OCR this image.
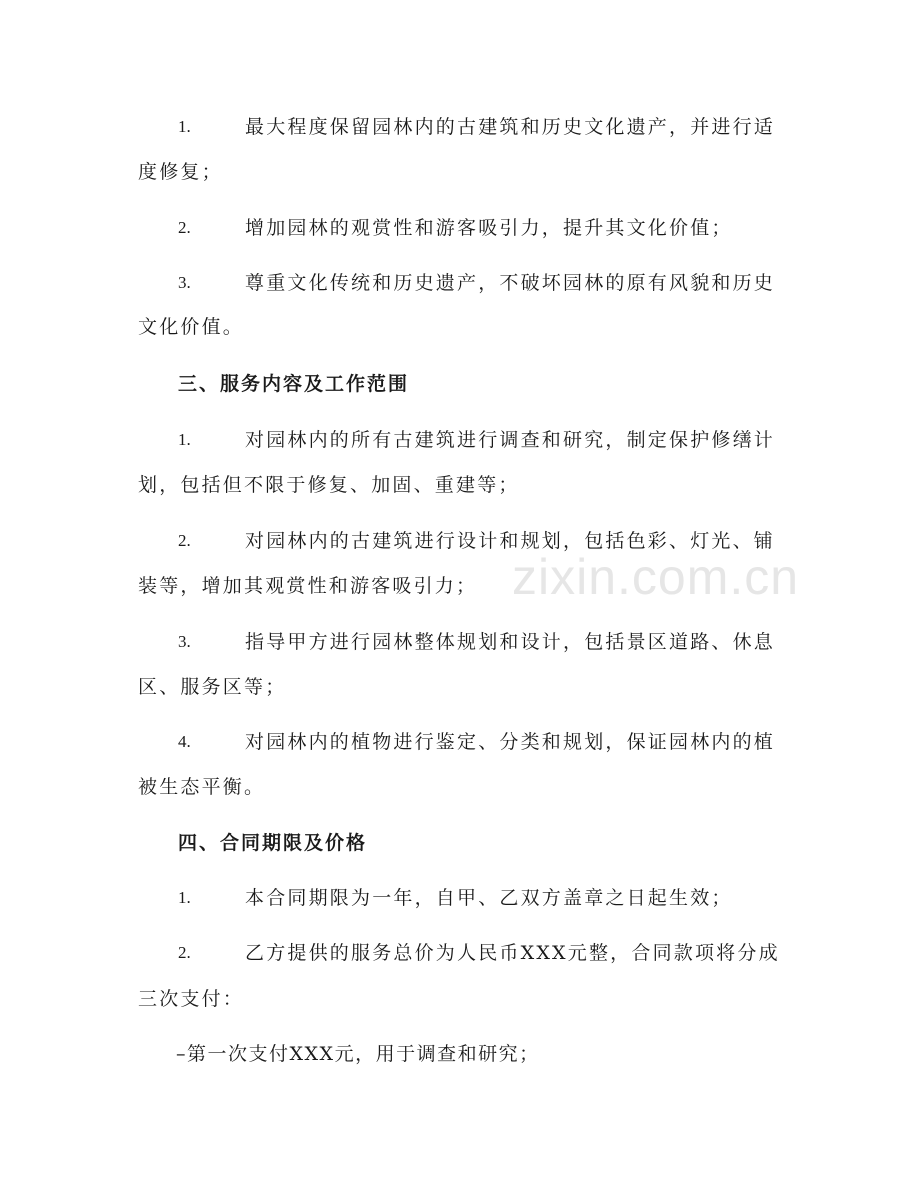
1.	最大程度保留园林内的古建筑和历史文化遗产，并进行适
度修复；
2.	增加园林的观赏性和游客吸引力，提升其文化价值；
3.	尊重文化传统和历史遗产，不破坏园林的原有风貌和历史
文化价值。
三、服务内容及工作范围
1.	对园林内的所有古建筑进行调查和研究，制定保护修缮计
划，包括但不限于修复、加固、重建等；
2.	对园林内的古建筑进行设计和规划，包括色彩、灯光、铺
装等，增加其观赏性和游客吸引力；
3.	指导甲方进行园林整体规划和设计，包括景区道路、休息
区、服务区等；
4.	对园林内的植物进行鉴定、分类和规划，保证园林内的植
被生态平衡。
四、合同期限及价格
1.	本合同期限为一年，自甲、乙双方盖章之日起生效；
2.	乙方提供的服务总价为人民币XXX元整，合同款项将分成
三次支付：
–第一次支付XXX元，用于调查和研究；
zixin.com.cn
